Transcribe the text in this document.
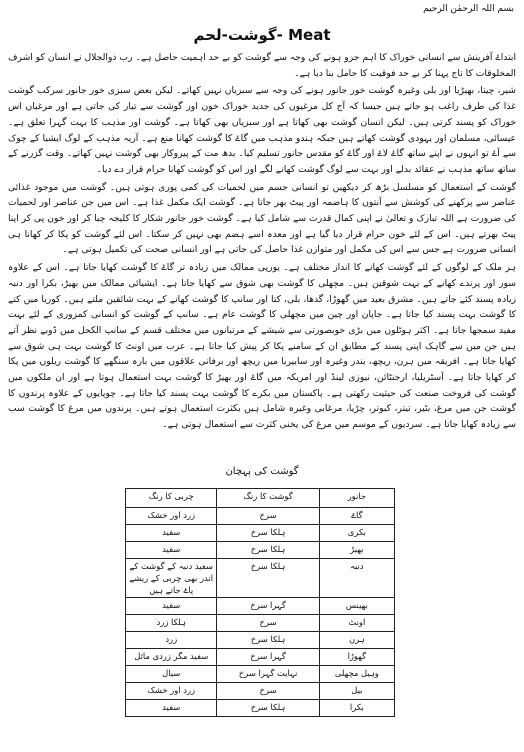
بسم اللہ الرحمٰن الرحیم
گوشت-لحم- Meat

ابتداۓ آفرینش سے انسانی خوراک کا اہم جزو ہونے کی وجہ سے گوشت کو بے حد اہمیت حاصل ہے۔ رب ذوالجلال نے انسان کو اشرف المخلوقات کا تاج پہنا کر بے حد فوقیت کا حامل بنا دیا ہے۔

شیر، چیتا، بھیڑیا اور بلی وغیرہ گوشت خور جانور ہونے کی وجہ سے سبزیاں نہیں کھاتے۔ لیکن بعض سبزی خور جانور سرکب گوشت غذا کی طرف راغب ہو جاتے ہیں جیسا کہ آج کل مرغیوں کی جدید خوراک خون اور گوشت سے تیار کی جاتی ہے اور مرغیاں اس خوراک کو پسند کرتی ہیں۔ لیکن انسان گوشت بھی کھاتا ہے اور سبزیاں بھی کھاتا ہے۔ گوشت اور مذہب کا بہت گہرا تعلق ہے۔ عیسائی، مسلمان اور یہودی گوشت کھاتے ہیں جبکہ ہندو مذہب میں گاۓ کا گوشت کھانا منع ہے۔ آریہ مذہب کے لوگ ایشیا کے چوک سے آۓ تو انہوں نے اپنے ساتھ گاۓ لاۓ اور گاۓ کو مقدس جانور تسلیم کیا۔ بدھ مت کے پیروکار بھی گوشت نہیں کھاتے۔ وقت گزرنے کے ساتھ ساتھ مذہب نے عقائد بدلے اور بہت سے لوگ گوشت کھانے لگے اور اس کو گوشت کھانا حرام قرار دے دیا۔

گوشت کے استعمال کو مسلسل بڑھ کر دیکھیں تو انسانی جسم میں لحمیات کی کمی پوری ہوتی ہیں۔ گوشت میں موجود غذائی عناصر سے پرکھنے کی کوشش سے آنتوں کا ہاضمہ اور پیٹ بھر جاتا ہے۔ گوشت ایک مکمل غذا ہے۔ اس میں جن عناصر اور لحمیات کی ضرورت ہے اللہ تبارک و تعالیٰ نے اپنی کمال قدرت سے شامل کیا ہے۔ گوشت خور جانور شکار کا کلیجہ چبا کر اور خون پی کر اپنا پیٹ بھرتے ہیں۔ اس کے لئے خون حرام قرار دیا گیا ہے اور معدہ اسے ہضم بھی نہیں کر سکتا۔ اس لئے گوشت کو پکا کر کھانا ہی انسانی ضرورت ہے جس سے اس کی مکمل اور متوازن غذا حاصل کی جاتی ہے اور انسانی صحت کی تکمیل ہوتی ہے۔

ہر ملک کے لوگوں کے لئے گوشت کھانے کا انداز مختلف ہے۔ یورپی ممالک میں زیادہ تر گاۓ کا گوشت کھایا جاتا ہے۔ اس کے علاوہ سور اور پرندے کھانے کے بہت شوقین ہیں۔ مچھلی کا گوشت بھی شوق سے کھایا جاتا ہے۔ ایشیائی ممالک میں بھیڑ، بکرا اور دنبہ زیادہ پسند کئے جاتے ہیں۔ مشرق بعید میں گھوڑا، گدھا، بلی، کتا اور سانپ کا گوشت کھانے کے بہت شائقین ملتے ہیں۔ کوریا میں کتے کا گوشت بہت پسند کیا جاتا ہے۔ جاپان اور چین میں مچھلی کا گوشت عام ہے۔ سانپ کے گوشت کو انسانی کمزوری کے لئے بہت مفید سمجھا جاتا ہے۔ اکثر ہوٹلوں میں بڑی خوبصورتی سے شیشے کے مرتبانوں میں مختلف قسم کے سانپ الکحل میں ڈوبے نظر آتے ہیں جن میں سے گاہک اپنی پسند کے مطابق ان کے سامنے پکا کر پیش کیا جاتا ہے۔ عرب میں اونٹ کا گوشت بہت ہی شوق سے کھایا جاتا ہے۔ افریقہ میں ہرن، ریچھ، بندر وغیرہ اور سابیریا میں ریچھ اور برفانی علاقوں میں بارہ سنگھے کا گوشت ریلوں میں پکا کر کھایا جاتا ہے۔ آسٹریلیا، ارجنٹائن، نیوزی لینڈ اور امریکہ میں گاۓ اور بھیڑ کا گوشت بہت استعمال ہوتا ہے اور ان ملکوں میں گوشت کی فروخت صنعت کی حیثیت رکھتی ہے۔ پاکستان میں بکرے کا گوشت بہت پسند کیا جاتا ہے۔ چوپایوں کے علاوہ پرندوں کا گوشت جن میں مرغ، بٹیر، تیتر، کبوتر، چڑیا، مرغابی وغیرہ شامل ہیں بکثرت استعمال ہوتے ہیں۔ پرندوں میں مرغ کا گوشت سب سے زیادہ کھایا جاتا ہے۔ سردیوں کے موسم میں مرغ کی یخنی کثرت سے استعمال ہوتی ہے۔

گوشت کی پہچان
جانور	گوشت کا رنگ	چربی کا رنگ
گاۓ	سرخ	زرد اور خشک
بکری	ہلکا سرخ	سفید
بھیڑ	ہلکا سرخ	سفید
دنبہ	ہلکا سرخ	سفید دنبہ کے گوشت کے اندر بھی چربی کے ریشے پاۓ جاتے ہیں
بھینس	گہرا سرخ	سفید
اونٹ	سرخ	ہلکا زرد
ہرن	ہلکا سرخ	زرد
گھوڑا	گہرا سرخ	سفید مگر زردی مائل
وہیل مچھلی	نہایت گہرا سرخ	سیال
بیل	سرخ	زرد اور خشک
بکرا	ہلکا سرخ	سفید
